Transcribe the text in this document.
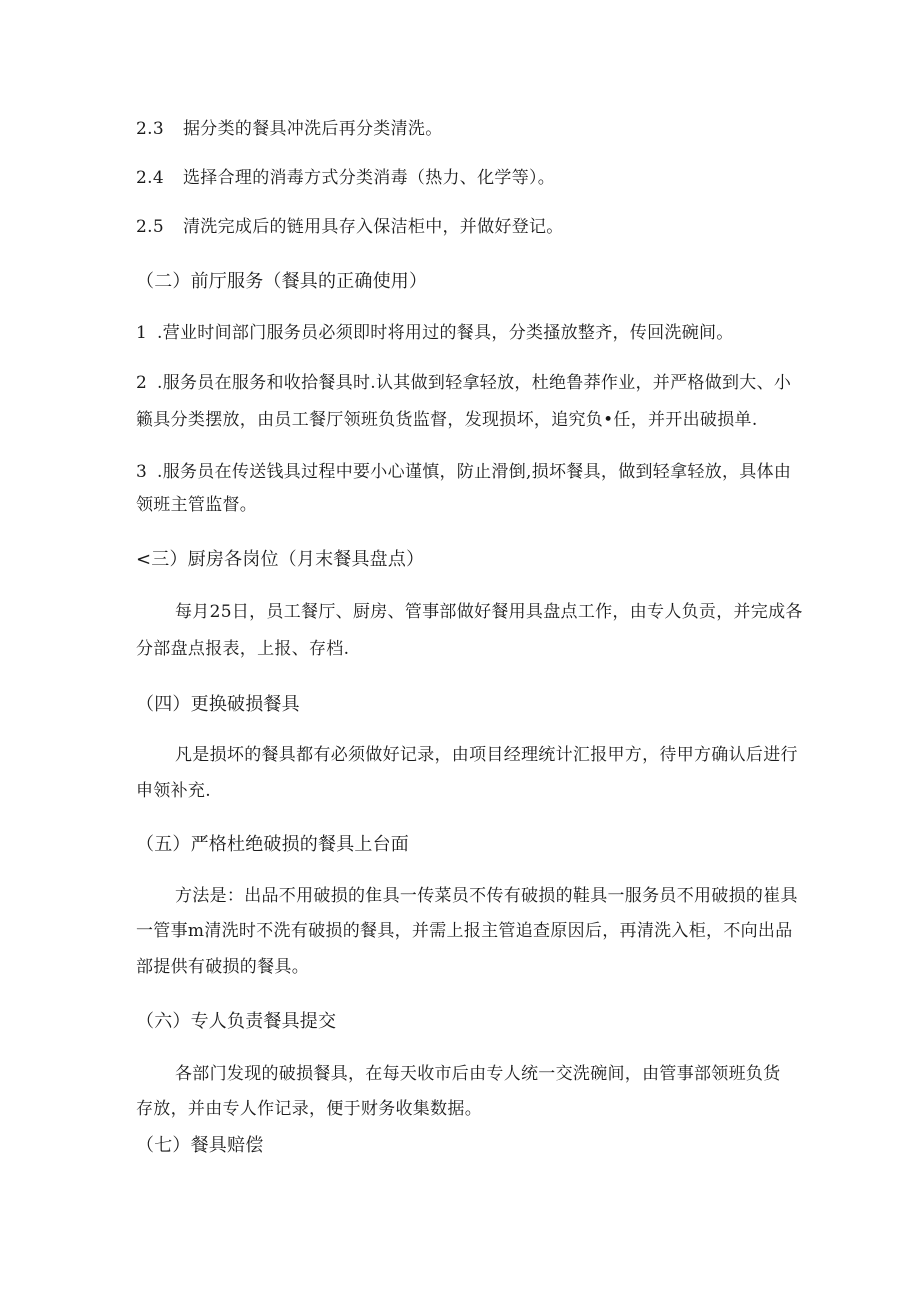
2.3 据分类的餐具冲洗后再分类清洗。
2.4 选择合理的消毒方式分类消毒（热力、化学等）。
2.5 清洗完成后的链用具存入保洁柜中，并做好登记。
（二）前厅服务（餐具的正确使用）
1 .营业时间部门服务员必须即时将用过的餐具，分类搔放整齐，传回洗碗间。
2 .服务员在服务和收拾餐具时.认其做到轻拿轻放，杜绝鲁莽作业，并严格做到大、小
籁具分类摆放，由员工餐厅领班负货监督，发现损坏，追究负•任，并开出破损单.
3 .服务员在传送钱具过程中要小心谨慎，防止滑倒,损坏餐具，做到轻拿轻放，具体由
领班主管监督。
<三）厨房各岗位（月末餐具盘点）
每月25日，员工餐厅、厨房、管事部做好餐用具盘点工作，由专人负贡，并完成各
分部盘点报表，上报、存档.
（四）更换破损餐具
凡是损坏的餐具都有必须做好记录，由项目经理统计汇报甲方，待甲方确认后进行
申领补充.
（五）严格杜绝破损的餐具上台面
方法是：出品不用破损的隹具一传菜员不传有破损的鞋具一服务员不用破损的崔具
一管事m清洗时不洗有破损的餐具，并需上报主管追查原因后，再清洗入柜，不向出品
部提供有破损的餐具。
（六）专人负责餐具提交
各部门发现的破损餐具，在每天收市后由专人统一交洗碗间，由管事部领班负货
存放，并由专人作记录，便于财务收集数据。
（七）餐具赔偿
